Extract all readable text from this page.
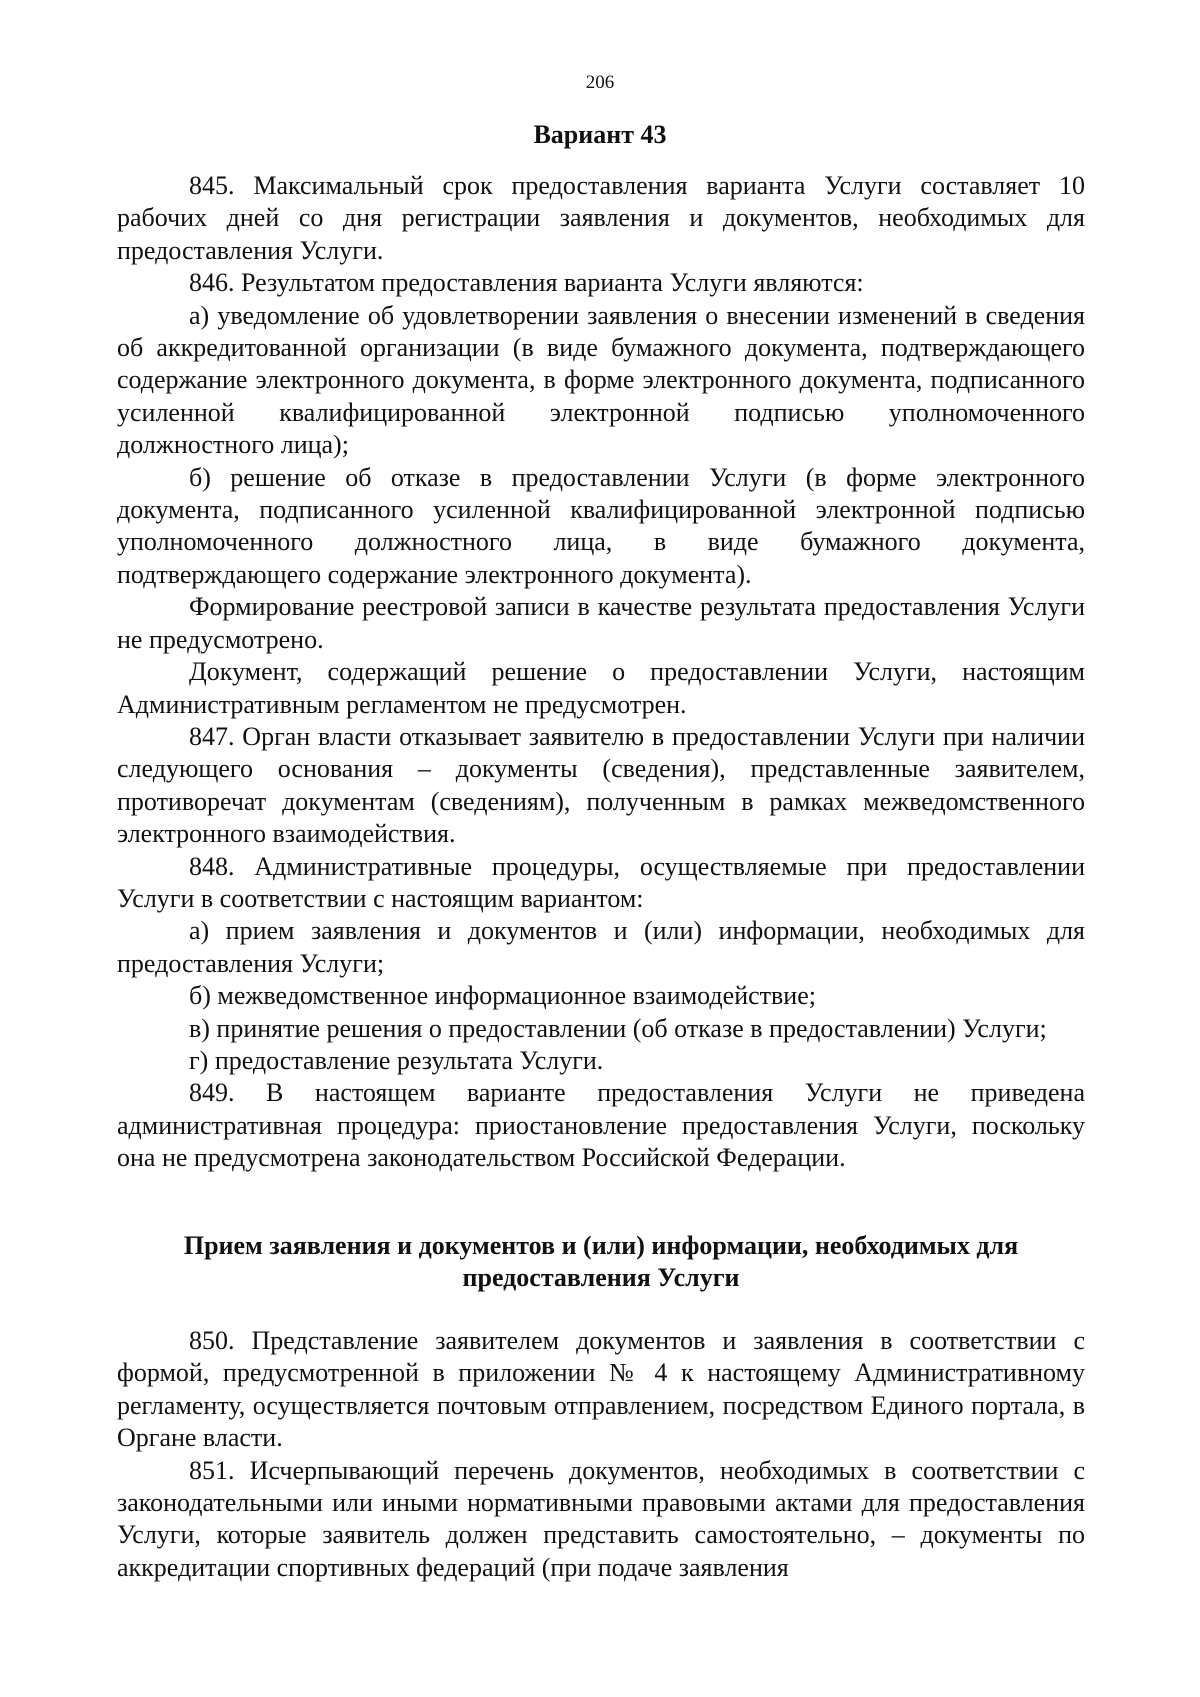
206
Вариант 43

845. Максимальный срок предоставления варианта Услуги составляет 10 рабочих дней со дня регистрации заявления и документов, необходимых для предоставления Услуги.

846. Результатом предоставления варианта Услуги являются:

а) уведомление об удовлетворении заявления о внесении изменений в сведения об аккредитованной организации (в виде бумажного документа, подтверждающего содержание электронного документа, в форме электронного документа, подписанного усиленной квалифицированной электронной подписью уполномоченного должностного лица);

б) решение об отказе в предоставлении Услуги (в форме электронного документа, подписанного усиленной квалифицированной электронной подписью уполномоченного должностного лица, в виде бумажного документа, подтверждающего содержание электронного документа).

Формирование реестровой записи в качестве результата предоставления Услуги не предусмотрено.

Документ, содержащий решение о предоставлении Услуги, настоящим Административным регламентом не предусмотрен.

847. Орган власти отказывает заявителю в предоставлении Услуги при наличии следующего основания – документы (сведения), представленные заявителем, противоречат документам (сведениям), полученным в рамках межведомственного электронного взаимодействия.

848. Административные процедуры, осуществляемые при предоставлении Услуги в соответствии с настоящим вариантом:

а) прием заявления и документов и (или) информации, необходимых для предоставления Услуги;

б) межведомственное информационное взаимодействие;

в) принятие решения о предоставлении (об отказе в предоставлении) Услуги;

г) предоставление результата Услуги.

849. В настоящем варианте предоставления Услуги не приведена административная процедура: приостановление предоставления Услуги, поскольку она не предусмотрена законодательством Российской Федерации.

Прием заявления и документов и (или) информации, необходимых для
предоставления Услуги

850. Представление заявителем документов и заявления в соответствии с формой, предусмотренной в приложении № 4 к настоящему Административному регламенту, осуществляется почтовым отправлением, посредством Единого портала, в Органе власти.

851. Исчерпывающий перечень документов, необходимых в соответствии с законодательными или иными нормативными правовыми актами для предоставления Услуги, которые заявитель должен представить самостоятельно, – документы по аккредитации спортивных федераций (при подаче заявления
